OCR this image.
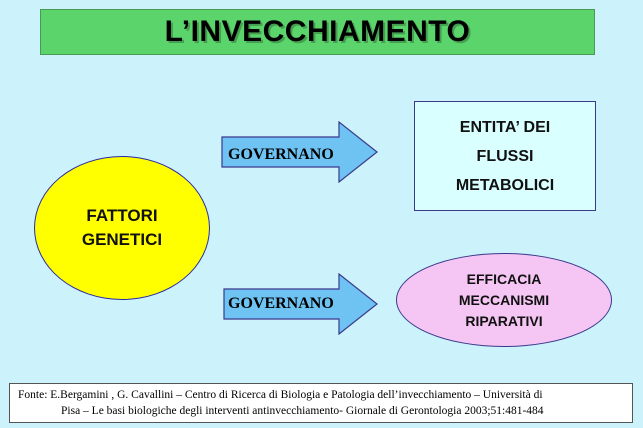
L’INVECCHIAMENTO
FATTORI
GENETICI
GOVERNANO
GOVERNANO
ENTITA’ DEI
FLUSSI
METABOLICI
EFFICACIA
MECCANISMI
RIPARATIVI
Fonte: E.Bergamini , G. Cavallini – Centro di Ricerca di Biologia e Patologia dell’invecchiamento – Università di
Pisa – Le basi biologiche degli interventi antinvecchiamento- Giornale di Gerontologia 2003;51:481-484
